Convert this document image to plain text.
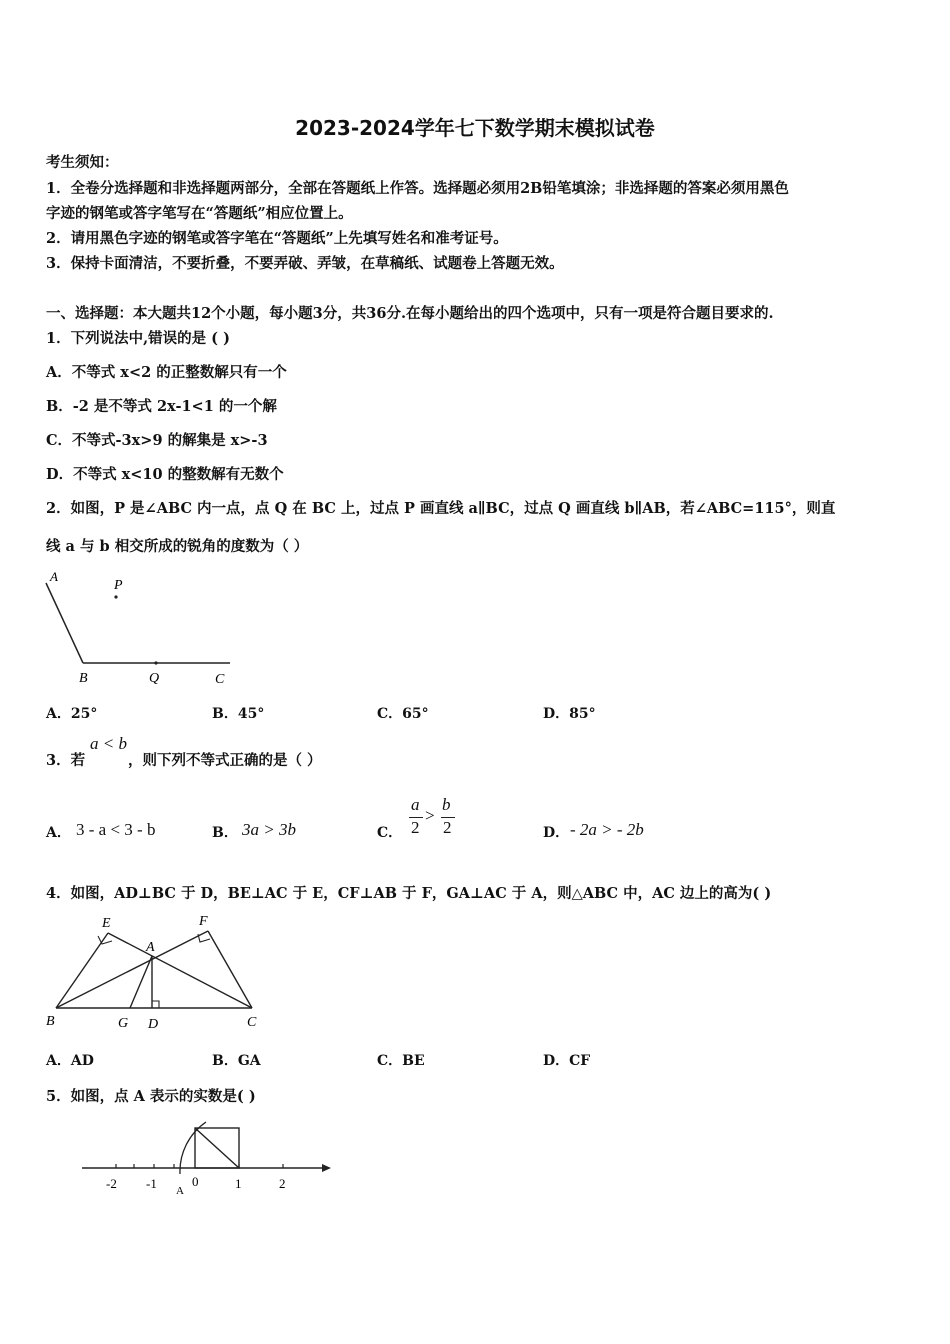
2023-2024学年七下数学期末模拟试卷
考生须知：
1．全卷分选择题和非选择题两部分，全部在答题纸上作答。选择题必须用2B铅笔填涂；非选择题的答案必须用黑色
字迹的钢笔或答字笔写在“答题纸”相应位置上。
2．请用黑色字迹的钢笔或答字笔在“答题纸”上先填写姓名和准考证号。
3．保持卡面清洁，不要折叠，不要弄破、弄皱，在草稿纸、试题卷上答题无效。
一、选择题：本大题共12个小题，每小题3分，共36分.在每小题给出的四个选项中，只有一项是符合题目要求的.
1．下列说法中,错误的是 ( )
A．不等式 x<2 的正整数解只有一个
B．-2 是不等式 2x-1<1 的一个解
C．不等式-3x>9 的解集是 x>-3
D．不等式 x<10 的整数解有无数个
2．如图，P 是∠ABC 内一点，点 Q 在 BC 上，过点 P 画直线 a∥BC，过点 Q 画直线 b∥AB，若∠ABC=115°，则直
线 a 与 b 相交所成的锐角的度数为（ ）
A
P
B	Q	C
A．25°	B．45°	C．65°	D．85°
3．若
a < b
，则下列不等式正确的是（ ）
A． 3 - a < 3 - b	B． 3a > 3b	C．
a
2
>
b
2	D． - 2a > - 2b
4．如图，AD⊥BC 于 D，BE⊥AC 于 E，CF⊥AB 于 F，GA⊥AC 于 A，则△ABC 中，AC 边上的高为( )
E	F
A
B	G D	C
A．AD	B．GA	C．BE	D．CF
5．如图，点 A 表示的实数是( )
-2 -1 A
0	1	2
